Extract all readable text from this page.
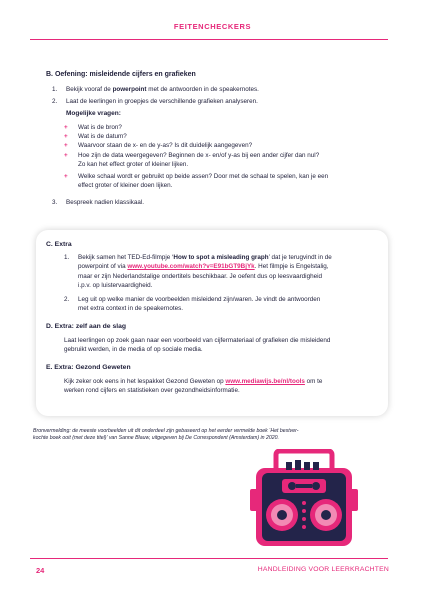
FEITENCHECKERS
B. Oefening: misleidende cijfers en grafieken
1. Bekijk vooraf de powerpoint met de antwoorden in de speakernotes.
2. Laat de leerlingen in groepjes de verschillende grafieken analyseren.
Mogelijke vragen:
+ Wat is de bron?
+ Wat is de datum?
+ Waarvoor staan de x- en de y-as? Is dit duidelijk aangegeven?
+ Hoe zijn de data weergegeven? Beginnen de x- en/of y-as bij een ander cijfer dan nul?
Zo kan het effect groter of kleiner lijken.
+ Welke schaal wordt er gebruikt op beide assen? Door met de schaal te spelen, kan je een
effect groter of kleiner doen lijken.
3. Bespreek nadien klassikaal.
C. Extra
1. Bekijk samen het TED-Ed-filmpje ‘How to spot a misleading graph’ dat je terugvindt in de
powerpoint of via www.youtube.com/watch?v=E91bGT9BjYk. Het filmpje is Engelstalig,
maar er zijn Nederlandstalige ondertitels beschikbaar. Je oefent dus op leesvaardigheid
i.p.v. op luistervaardigheid.
2. Leg uit op welke manier de voorbeelden misleidend zijn/waren. Je vindt de antwoorden
met extra context in de speakernotes.
D. Extra: zelf aan de slag
Laat leerlingen op zoek gaan naar een voorbeeld van cijfermateriaal of grafieken die misleidend
gebruikt werden, in de media of op sociale media.
E. Extra: Gezond Geweten
Kijk zeker ook eens in het lespakket Gezond Geweten op www.mediawijs.be/nl/tools om te
werken rond cijfers en statistieken over gezondheidsinformatie.
Bronvermelding: de meeste voorbeelden uit dit onderdeel zijn gebaseerd op het eerder vermelde boek ‘Het bestver-
kochte boek ooit (met deze titel)’ van Sanne Blauw, uitgegeven bij De Correspondent (Amsterdam) in 2020.
24	HANDLEIDING VOOR LEERKRACHTEN
